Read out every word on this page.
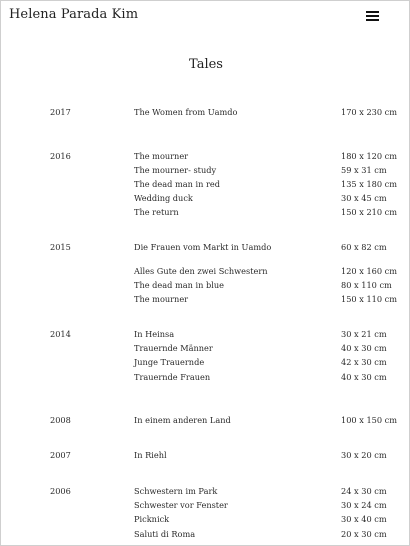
Helena Parada Kim
Tales
2017	The Women from Uamdo	170 x 230 cm
2016	The mourner	180 x 120 cm
The mourner- study	59 x 31 cm
The dead man in red	135 x 180 cm
Wedding duck	30 x 45 cm
The return	150 x 210 cm
2015	Die Frauen vom Markt in Uamdo	60 x 82 cm
Alles Gute den zwei Schwestern	120 x 160 cm
The dead man in blue	80 x 110 cm
The mourner	150 x 110 cm
2014	In Heinsa	30 x 21 cm
Trauernde Männer	40 x 30 cm
Junge Trauernde	42 x 30 cm
Trauernde Frauen	40 x 30 cm
2008	In einem anderen Land	100 x 150 cm
2007	In Riehl	30 x 20 cm
2006	Schwestern im Park	24 x 30 cm
Schwester vor Fenster	30 x 24 cm
Picknick	30 x 40 cm
Saluti di Roma	20 x 30 cm
